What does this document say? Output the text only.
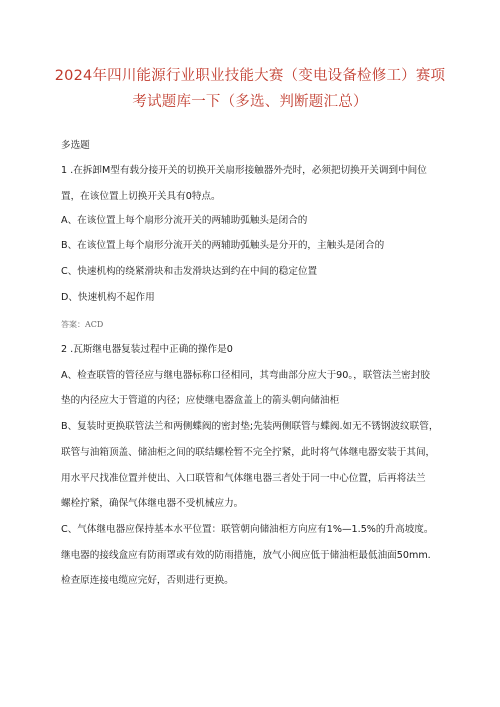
2024年四川能源行业职业技能大赛（变电设备检修工）赛项
考试题库一下（多选、判断题汇总）
多选题
1 .在拆卸M型有载分接开关的切换开关扇形接触器外壳时，必须把切换开关调到中间位
置，在该位置上切换开关具有0特点。
A、在该位置上每个扇形分流开关的两辅助弧触头是闭合的
B、在该位置上每个扇形分流开关的两辅助弧触头是分开的，主触头是闭合的
C、快速机构的绕紧滑块和击发滑块达到约在中间的稳定位置
D、快速机构不起作用
答案：ACD
2 .瓦斯继电器复装过程中正确的操作是0
A、检查联管的管径应与继电器标称口径相同，其弯曲部分应大于90。，联管法兰密封胶
垫的内径应大于管道的内径；应使继电器盒盖上的箭头朝向储油柜
B、复装时更换联管法兰和两侧蝶阀的密封垫;先装两侧联管与蝶阀.如无不锈钢波纹联管，
联管与油箱顶盖、储油柜之间的联结螺栓暂不完全拧紧，此时将气体继电器安装于其间，
用水平尺找准位置并使出、入口联管和气体继电器三者处于同一中心位置，后再将法兰
螺栓拧紧，确保气体继电器不受机械应力。
C、气体继电器应保持基本水平位置：联管朝向储油柜方向应有1%—1.5%的升高坡度。
继电器的接线盒应有防雨罩或有效的防雨措施，放气小阀应低于储油柜最低油面50mm.
检查原连接电缆应完好，否则进行更换。
